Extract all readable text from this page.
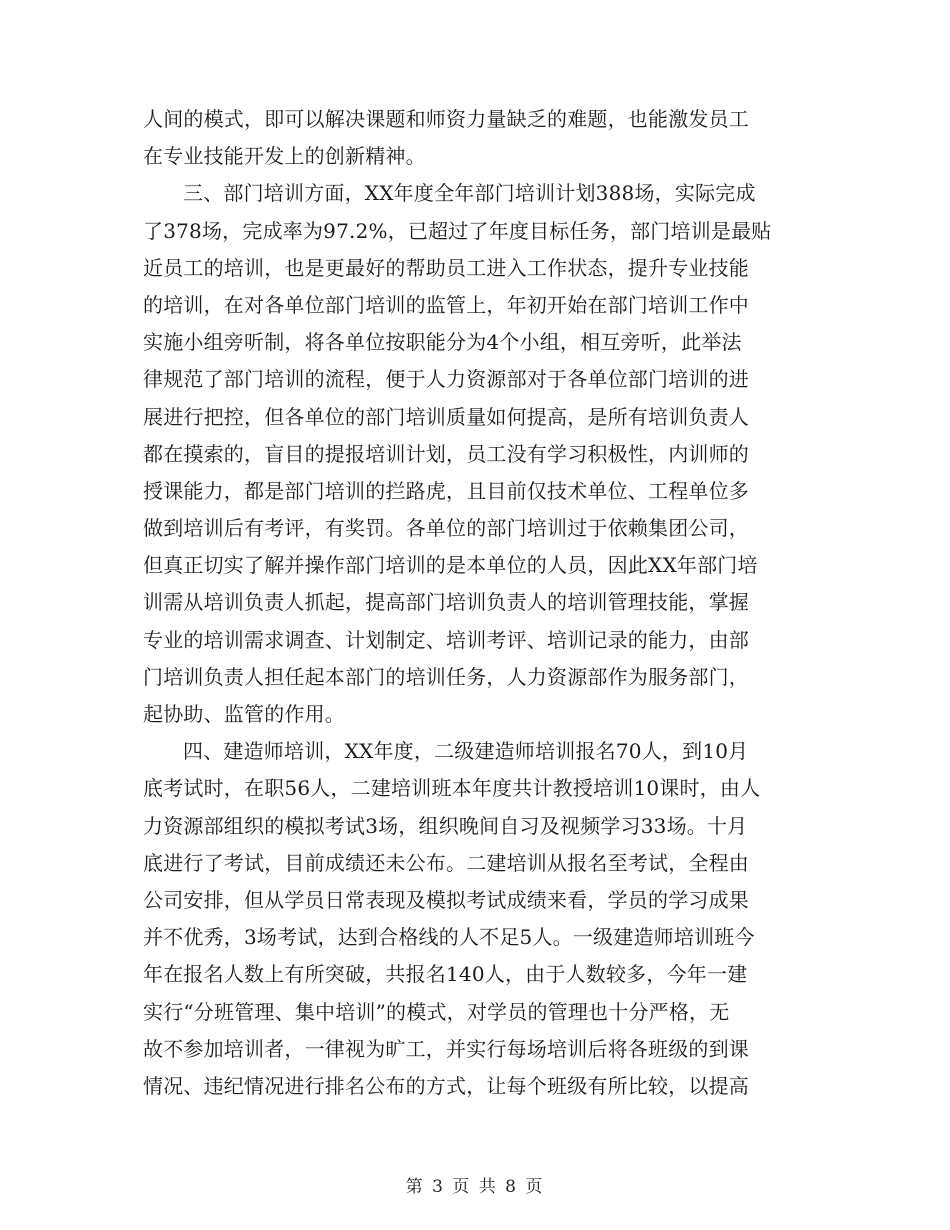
人间的模式，即可以解决课题和师资力量缺乏的难题，也能激发员工
在专业技能开发上的创新精神。
三、部门培训方面，XX年度全年部门培训计划388场，实际完成
了378场，完成率为97.2%，已超过了年度目标任务，部门培训是最贴
近员工的培训，也是更最好的帮助员工进入工作状态，提升专业技能
的培训，在对各单位部门培训的监管上，年初开始在部门培训工作中
实施小组旁听制，将各单位按职能分为4个小组，相互旁听，此举法
律规范了部门培训的流程，便于人力资源部对于各单位部门培训的进
展进行把控，但各单位的部门培训质量如何提高，是所有培训负责人
都在摸索的，盲目的提报培训计划，员工没有学习积极性，内训师的
授课能力，都是部门培训的拦路虎，且目前仅技术单位、工程单位多
做到培训后有考评，有奖罚。各单位的部门培训过于依赖集团公司，
但真正切实了解并操作部门培训的是本单位的人员，因此XX年部门培
训需从培训负责人抓起，提高部门培训负责人的培训管理技能，掌握
专业的培训需求调查、计划制定、培训考评、培训记录的能力，由部
门培训负责人担任起本部门的培训任务，人力资源部作为服务部门，
起协助、监管的作用。
四、建造师培训，XX年度，二级建造师培训报名70人，到10月
底考试时，在职56人，二建培训班本年度共计教授培训10课时，由人
力资源部组织的模拟考试3场，组织晚间自习及视频学习33场。十月
底进行了考试，目前成绩还未公布。二建培训从报名至考试，全程由
公司安排，但从学员日常表现及模拟考试成绩来看，学员的学习成果
并不优秀，3场考试，达到合格线的人不足5人。一级建造师培训班今
年在报名人数上有所突破，共报名140人，由于人数较多，今年一建
实行“分班管理、集中培训”的模式，对学员的管理也十分严格，无
故不参加培训者，一律视为旷工，并实行每场培训后将各班级的到课
情况、违纪情况进行排名公布的方式，让每个班级有所比较，以提高
第 3 页 共 8 页
